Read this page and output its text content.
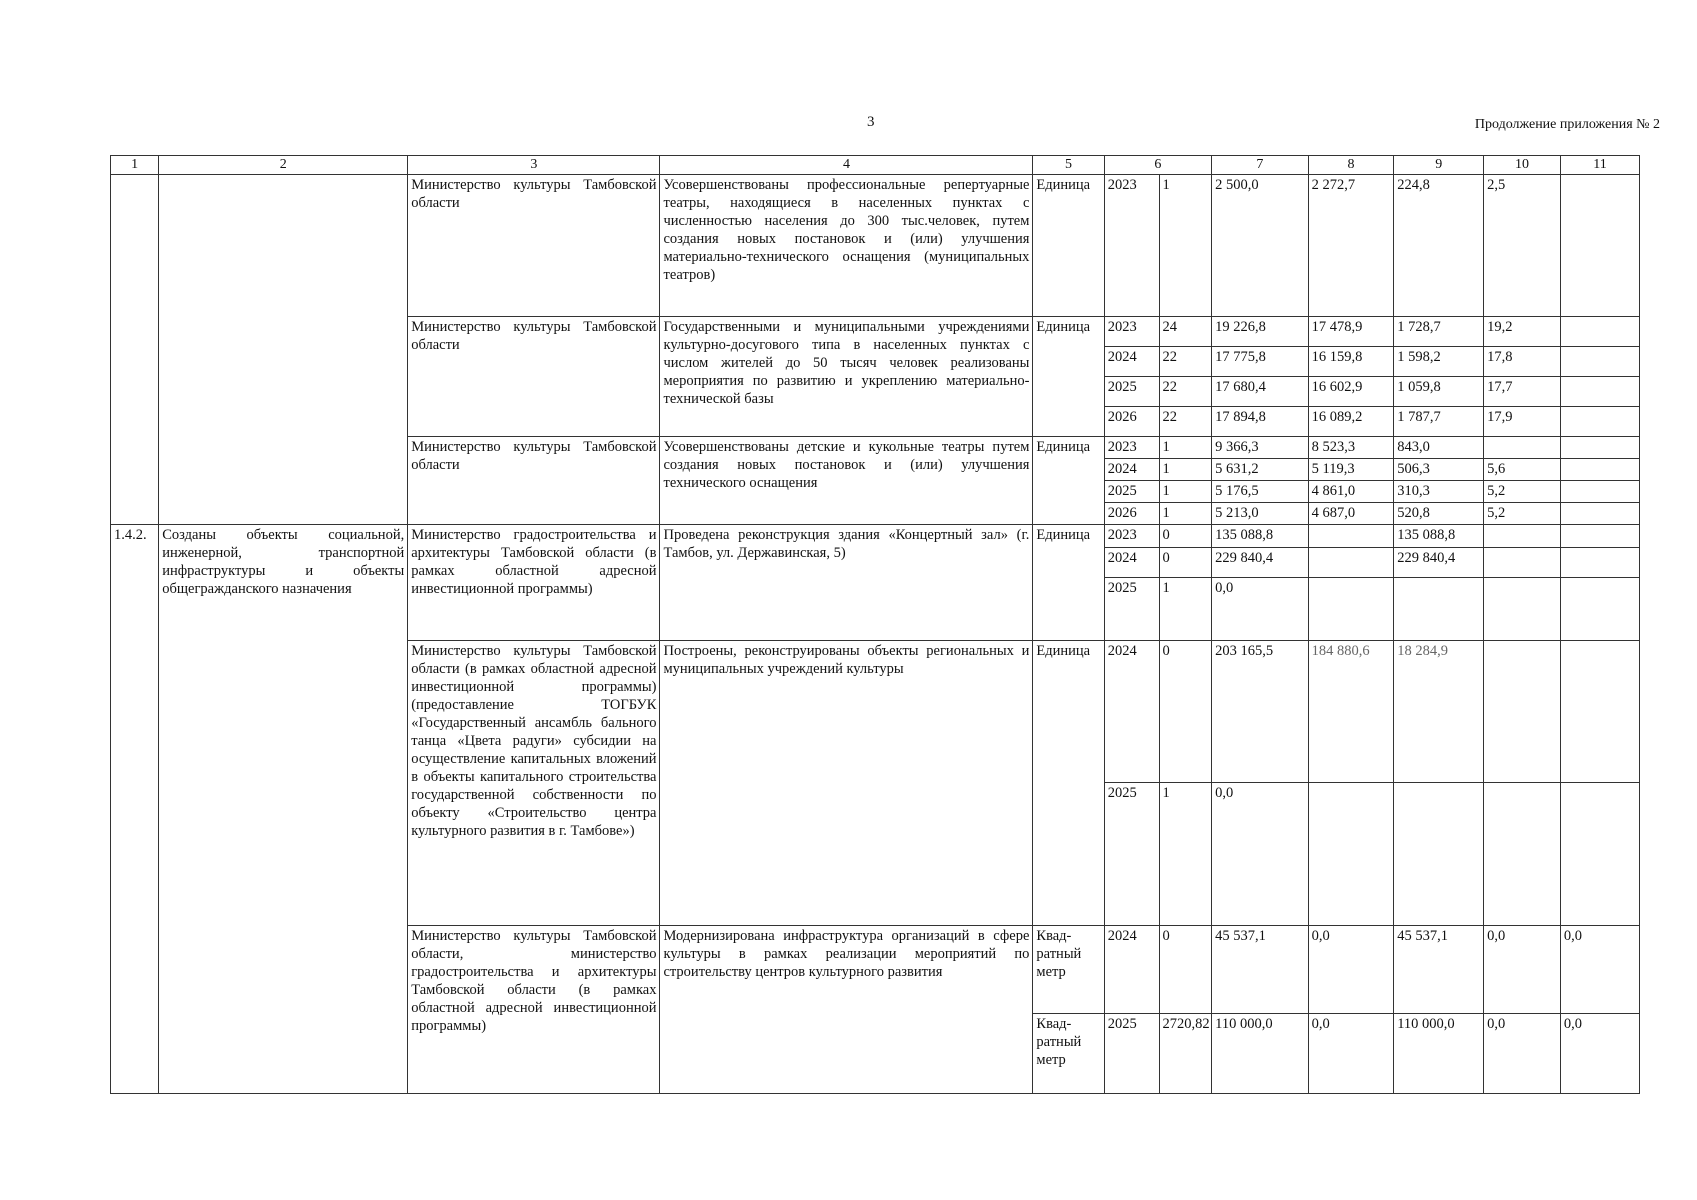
3	Продолжение приложения № 2
1	2	3	4	5	6		7	8	9	10	11
		Министерство культуры Тамбовской области	Усовершенствованы профессиональные репертуарные театры, находящиеся в населенных пунктах с численностью населения до 300 тыс.человек, путем создания новых постановок и (или) улучшения материально-технического оснащения (муниципальных театров)	Единица	2023	1	2 500,0	2 272,7	224,8	2,5	
		Министерство культуры Тамбовской области	Государственными и муниципальными учреждениями культурно-досугового типа в населенных пунктах с числом жителей до 50 тысяч человек реализованы мероприятия по развитию и укреплению материально-технической базы	Единица	2023	24	19 226,8	17 478,9	1 728,7	19,2	
					2024	22	17 775,8	16 159,8	1 598,2	17,8	
					2025	22	17 680,4	16 602,9	1 059,8	17,7	
					2026	22	17 894,8	16 089,2	1 787,7	17,9	
		Министерство культуры Тамбовской области	Усовершенствованы детские и кукольные театры путем создания новых постановок и (или) улучшения технического оснащения	Единица	2023	1	9 366,3	8 523,3	843,0		
					2024	1	5 631,2	5 119,3	506,3	5,6	
					2025	1	5 176,5	4 861,0	310,3	5,2	
					2026	1	5 213,0	4 687,0	520,8	5,2	
1.4.2.	Созданы объекты социальной, инженерной, транспортной инфраструктуры и объекты общегражданского назначения	Министерство градостроительства и архитектуры Тамбовской области (в рамках областной адресной инвестиционной программы)	Проведена реконструкция здания «Концертный зал» (г. Тамбов, ул. Державинская, 5)	Единица	2023	0	135 088,8		135 088,8		
					2024	0	229 840,4		229 840,4		
					2025	1	0,0				
		Министерство культуры Тамбовской области (в рамках областной адресной инвестиционной программы) (предоставление ТОГБУК «Государственный ансамбль бального танца «Цвета радуги» субсидии на осуществление капитальных вложений в объекты капитального строительства государственной собственности по объекту «Строительство центра культурного развития в г. Тамбове»)	Построены, реконструированы объекты региональных и муниципальных учреждений культуры	Единица	2024	0	203 165,5	184 880,6	18 284,9		
					2025	1	0,0				
		Министерство культуры Тамбовской области, министерство градостроительства и архитектуры Тамбовской области (в рамках областной адресной инвестиционной программы)	Модернизирована инфраструктура организаций в сфере культуры в рамках реализации мероприятий по строительству центров культурного развития	Квад-ратный метр	2024	0	45 537,1	0,0	45 537,1	0,0	0,0
				Квад-ратный метр	2025	2720,82	110 000,0	0,0	110 000,0	0,0	0,0
